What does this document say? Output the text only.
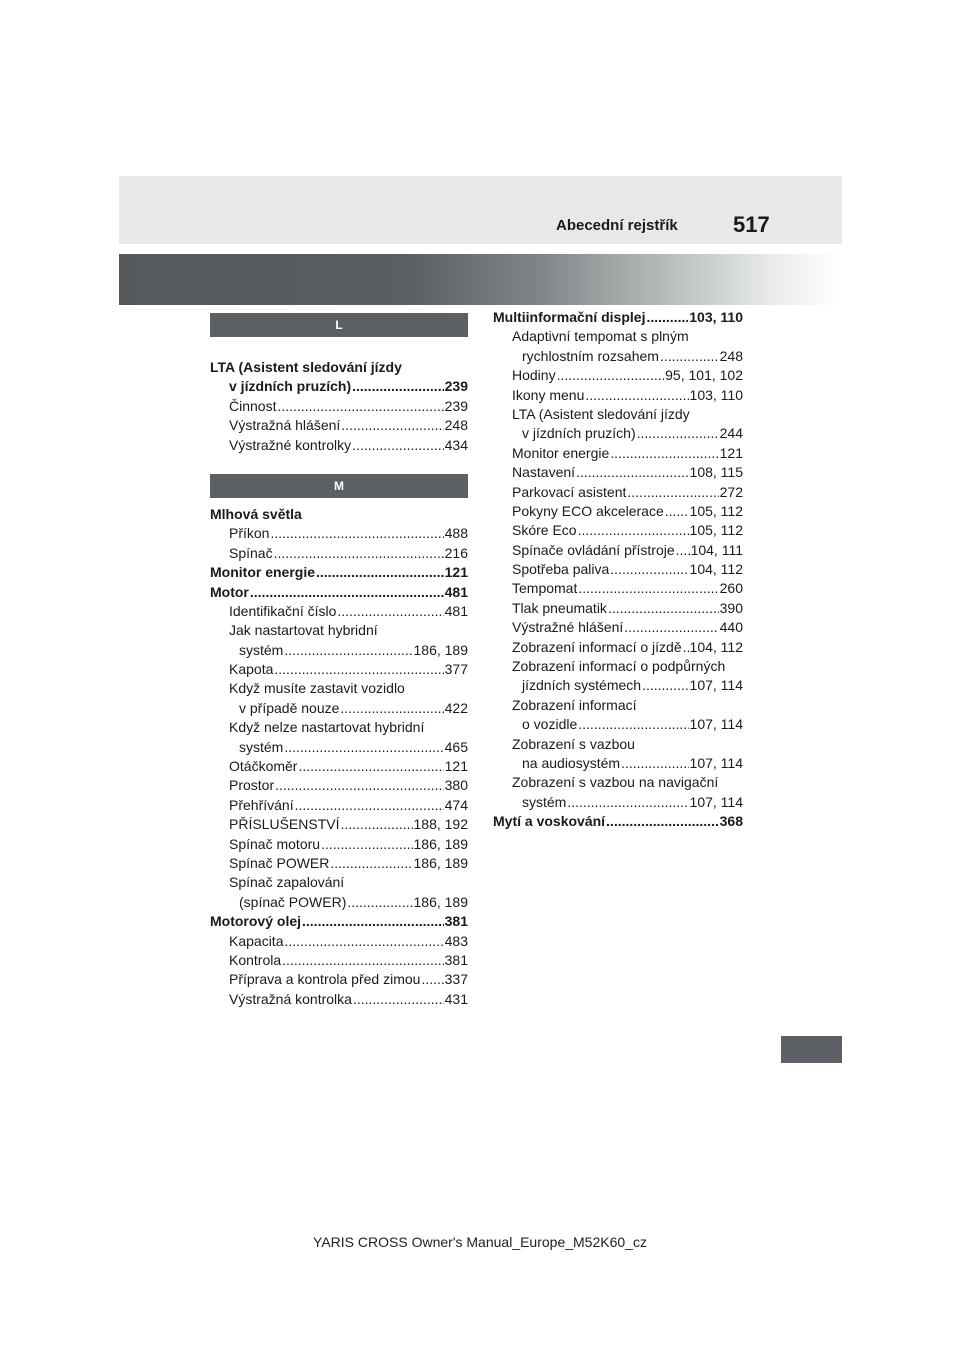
Abecední rejstřík	517
L
LTA (Asistent sledování jízdy
v jízdních pruzích) .....	239
Činnost .....	239
Výstražná hlášení .....	248
Výstražné kontrolky .....	434
M
Mlhová světla
Příkon .....	488
Spínač .....	216
Monitor energie .....	121
Motor .....	481
Identifikační číslo .....	481
Jak nastartovat hybridní
systém .....	186, 189
Kapota .....	377
Když musíte zastavit vozidlo
v případě nouze .....	422
Když nelze nastartovat hybridní
systém .....	465
Otáčkoměr .....	121
Prostor .....	380
Přehřívání .....	474
PŘÍSLUŠENSTVÍ .....	188, 192
Spínač motoru .....	186, 189
Spínač POWER .....	186, 189
Spínač zapalování
(spínač POWER) .....	186, 189
Motorový olej .....	381
Kapacita .....	483
Kontrola .....	381
Příprava a kontrola před zimou ..... 337
Výstražná kontrolka .....	431
Multiinformační displej .....	103, 110
Adaptivní tempomat s plným
rychlostním rozsahem .....	248
Hodiny .....	95, 101, 102
Ikony menu .....	103, 110
LTA (Asistent sledování jízdy
v jízdních pruzích) .....	244
Monitor energie .....	121
Nastavení .....	108, 115
Parkovací asistent .....	272
Pokyny ECO akcelerace ..... 105, 112
Skóre Eco .....	105, 112
Spínače ovládání přístroje ..... 104, 111
Spotřeba paliva .....	104, 112
Tempomat .....	260
Tlak pneumatik .....	390
Výstražné hlášení .....	440
Zobrazení informací o jízdě ..... 104, 112
Zobrazení informací o podpůrných
jízdních systémech .....	107, 114
Zobrazení informací
o vozidle .....	107, 114
Zobrazení s vazbou
na audiosystém .....	107, 114
Zobrazení s vazbou na navigační
systém .....	107, 114
Mytí a voskování .....	368
YARIS CROSS Owner's Manual_Europe_M52K60_cz
